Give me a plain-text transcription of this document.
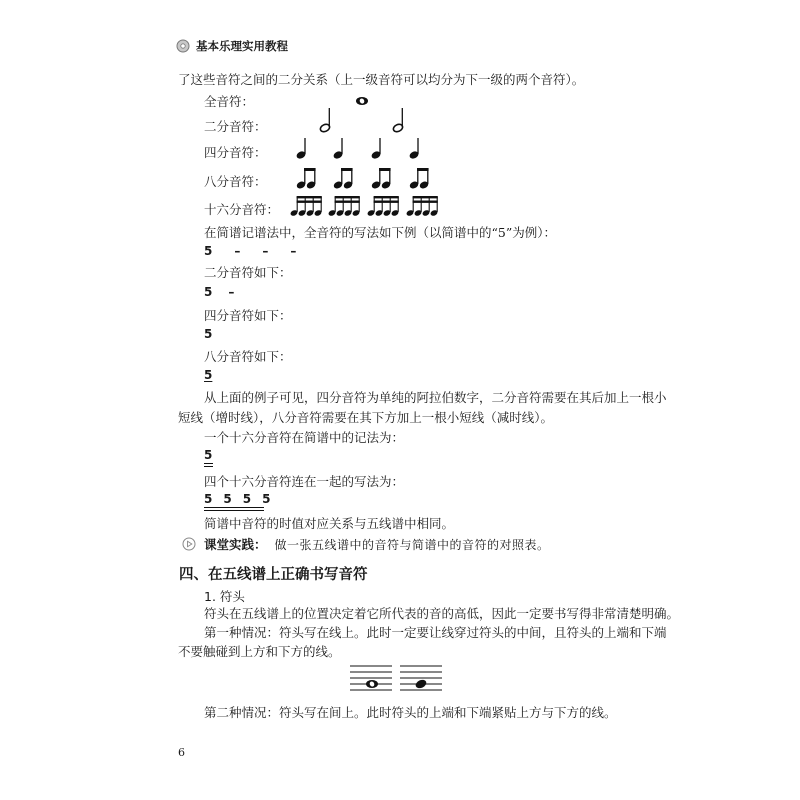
基本乐理实用教程
了这些音符之间的二分关系（上一级音符可以均分为下一级的两个音符）。
全音符：
二分音符：
四分音符：
八分音符：
十六分音符：
在简谱记谱法中，全音符的写法如下例（以简谱中的“5”为例）：
5 – – –
二分音符如下：
5 –
四分音符如下：
5
八分音符如下：
5
从上面的例子可见，四分音符为单纯的阿拉伯数字，二分音符需要在其后加上一根小
短线（增时线），八分音符需要在其下方加上一根小短线（减时线）。
一个十六分音符在简谱中的记法为：
5
四个十六分音符连在一起的写法为：
5 5 5 5
简谱中音符的时值对应关系与五线谱中相同。
课堂实践： 做一张五线谱中的音符与简谱中的音符的对照表。
四、在五线谱上正确书写音符
1. 符头
符头在五线谱上的位置决定着它所代表的音的高低，因此一定要书写得非常清楚明确。
第一种情况：符头写在线上。此时一定要让线穿过符头的中间，且符头的上端和下端
不要触碰到上方和下方的线。
第二种情况：符头写在间上。此时符头的上端和下端紧贴上方与下方的线。
6
